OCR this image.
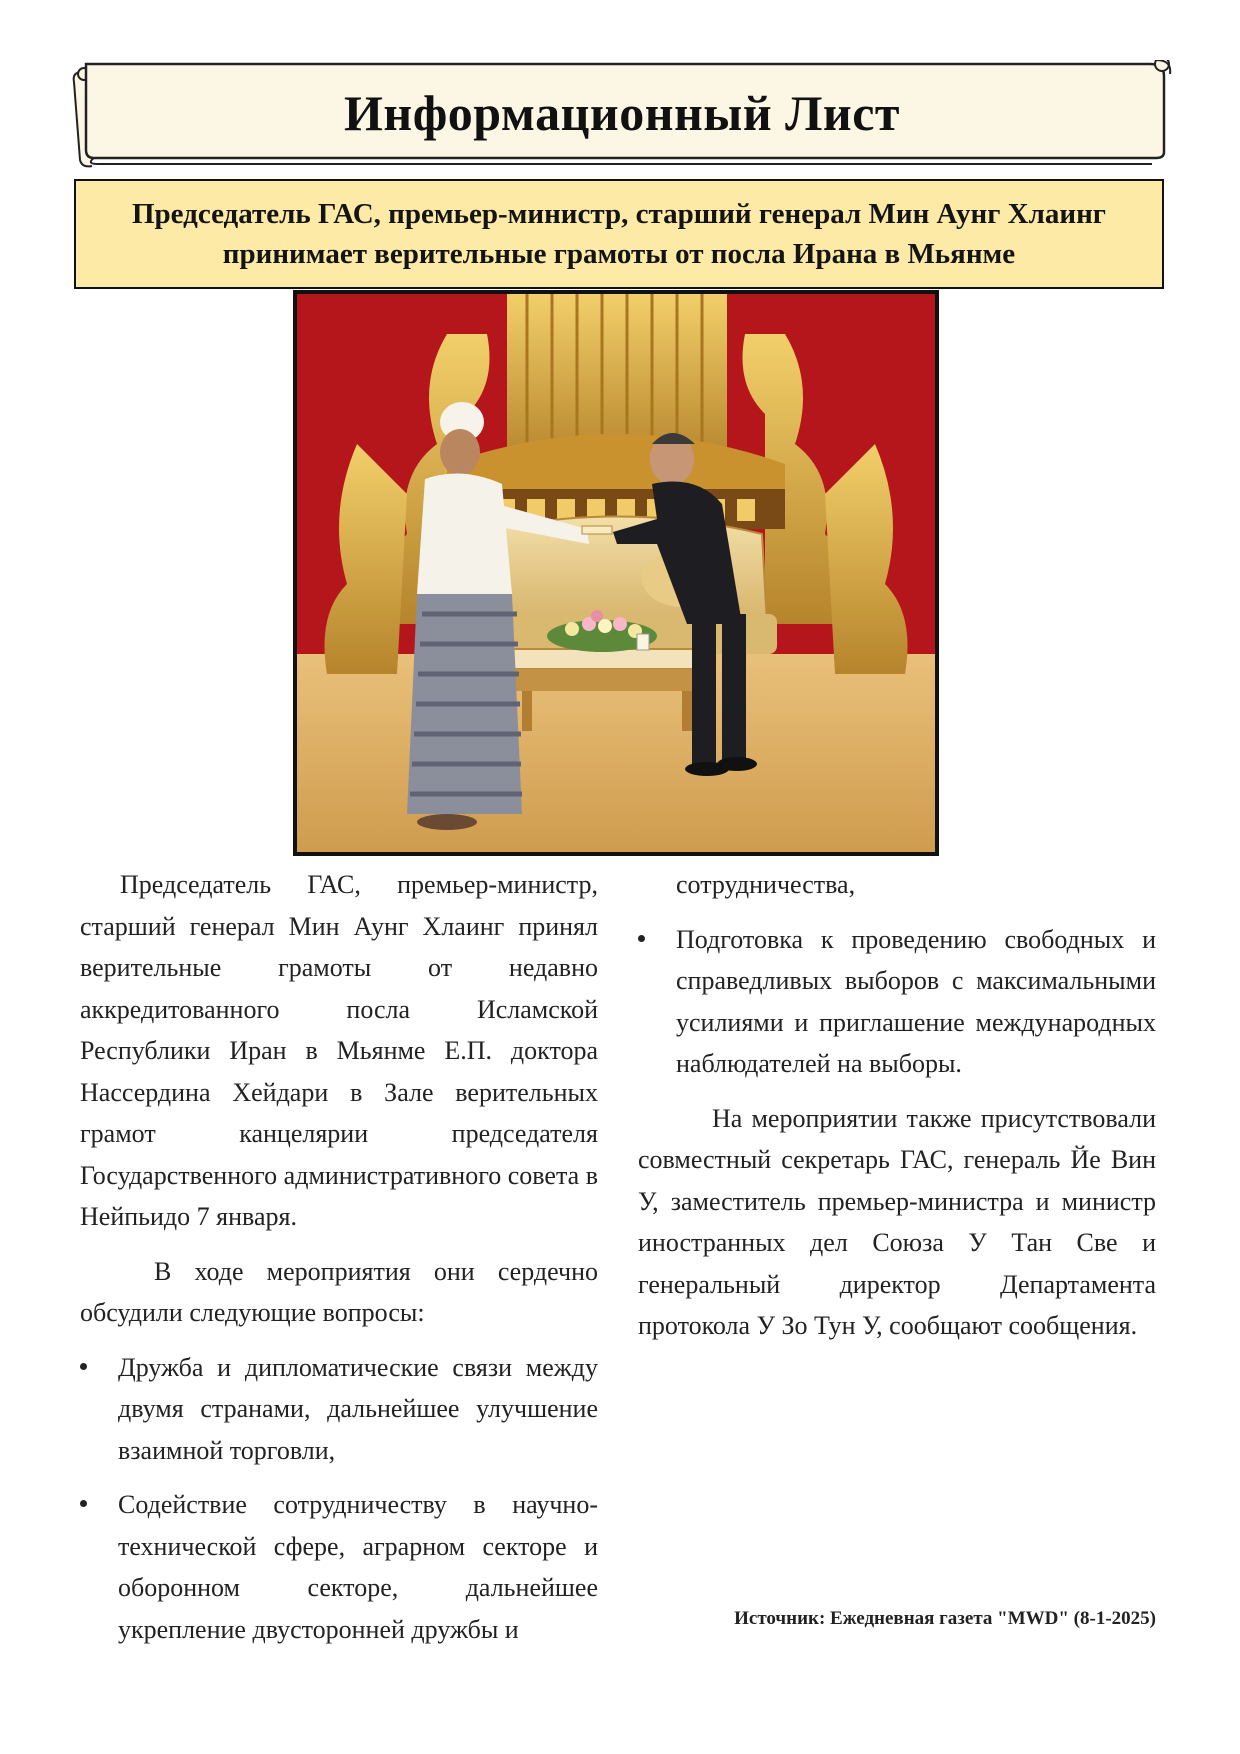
Информационный Лист
Председатель ГАС, премьер-министр, старший генерал Мин Аунг Хлаинг
принимает верительные грамоты от посла Ирана в Мьянме

Председатель ГАС, премьер-министр, старший генерал Мин Аунг Хлаинг принял верительные грамоты от недавно аккредитованного посла Исламской Республики Иран в Мьянме Е.П. доктора Нассердина Хейдари в Зале верительных грамот канцелярии председателя Государственного административного совета в Нейпьидо 7 января.

В ходе мероприятия они сердечно обсудили следующие вопросы:

Дружба и дипломатические связи между двумя странами, дальнейшее улучшение взаимной торговли,

Содействие сотрудничеству в научно-технической сфере, аграрном секторе и оборонном секторе, дальнейшее укрепление двусторонней дружбы и

сотрудничества,

Подготовка к проведению свободных и справедливых выборов с максимальными усилиями и приглашение международных наблюдателей на выборы.

На мероприятии также присутствовали совместный секретарь ГАС, генераль Йе Вин У, заместитель премьер-министра и министр иностранных дел Союза У Тан Све и генеральный директор Департамента протокола У Зо Тун У, сообщают сообщения.

Источник: Ежедневная газета "MWD" (8-1-2025)
